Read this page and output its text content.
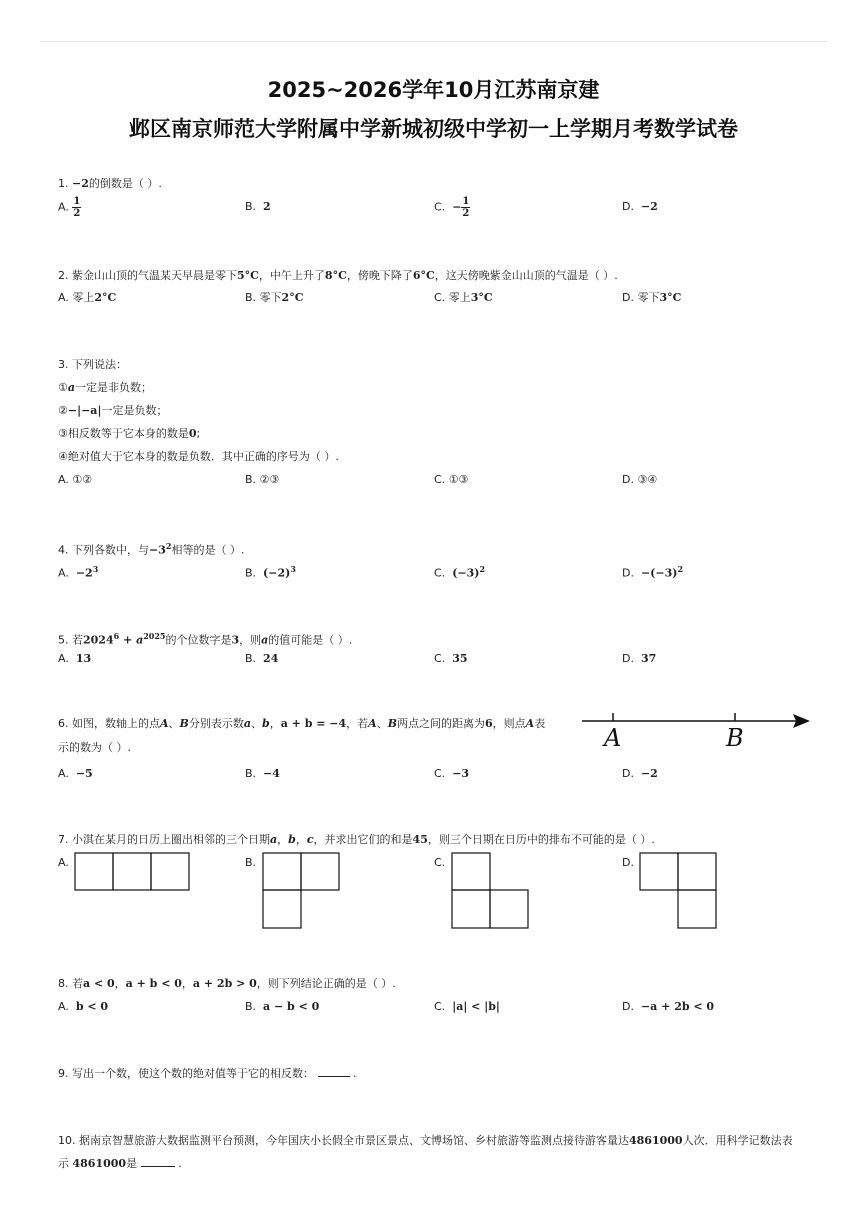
2025~2026学年10月江苏南京建
邺区南京师范大学附属中学新城初级中学初一上学期月考数学试卷
1. −2的倒数是（ ）.
A. $\frac{1}{2}$	B. 2	C. − $\frac{1}{2}$	D. −2
2. 紫金山山顶的气温某天早晨是零下5°C，中午上升了8°C，傍晚下降了6°C，这天傍晚紫金山山顶的气温是（ ）.
A. 零上2°C	B. 零下2°C	C. 零上3°C	D. 零下3°C
3. 下列说法：
①a一定是非负数；
②−|−a|一定是负数；
③相反数等于它本身的数是0;
④绝对值大于它本身的数是负数．其中正确的序号为（ ）.
A. ①②	B. ②③	C. ①③	D. ③④
4. 下列各数中，与$-3^2$相等的是（ ）.
A. $-2^3$	B. $(-2)^3$	C. $(-3)^2$	D. $-(-3)^2$
5. 若$2024^6 + a^{2025}$的个位数字是3，则a的值可能是（ ）.
A. 13	B. 24	C. 35	D. 37
6. 如图，数轴上的点A、B分别表示数a、b，a + b = −4，若A、B两点之间的距离为6，则点A表
示的数为（ ）.	A	B
A. −5	B. −4	C. −3	D. −2
7. 小淇在某月的日历上圈出相邻的三个日期a，b，c，并求出它们的和是45，则三个日期在日历中的排布不可能的是（ ）.
A.	B.	C.	D.
8. 若a < 0，a + b < 0，a + 2b > 0，则下列结论正确的是（ ）.
A. b < 0	B. a − b < 0	C. |a| < |b|	D. −a + 2b < 0
9. 写出一个数，使这个数的绝对值等于它的相反数：	.
10. 据南京智慧旅游大数据监测平台预测，今年国庆小长假全市景区景点、文博场馆、乡村旅游等监测点接待游客量达4861000人次．用科学记数法表
示 4861000是	.
